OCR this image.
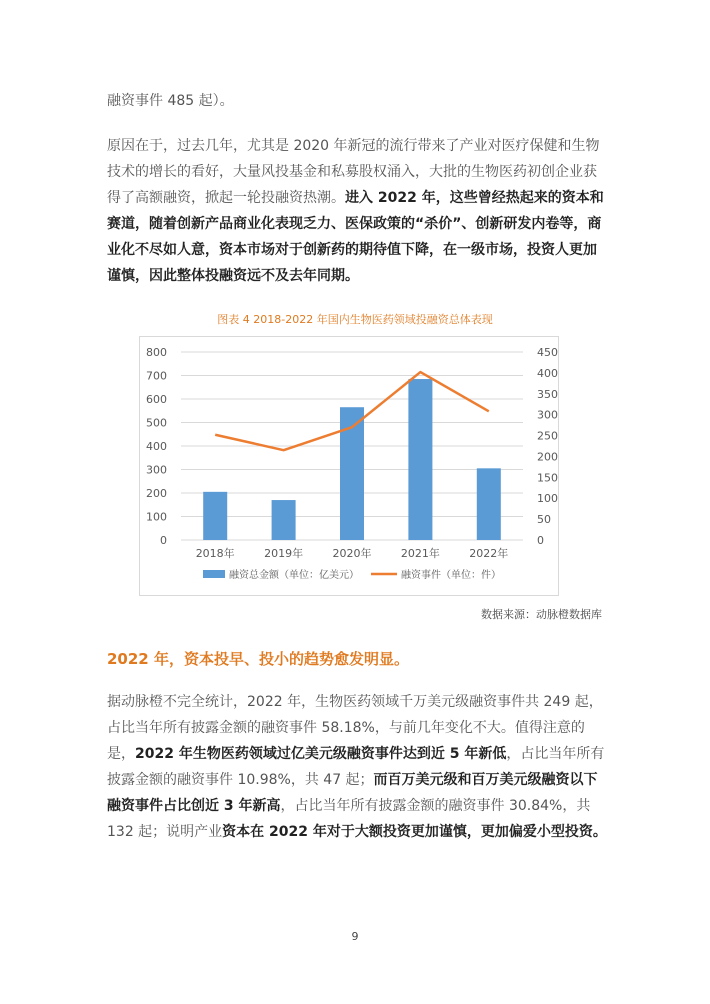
融资事件 485 起）。

原因在于，过去几年，尤其是 2020 年新冠的流行带来了产业对医疗保健和生物技术的增长的看好，大量风投基金和私募股权涌入，大批的生物医药初创企业获得了高额融资，掀起一轮投融资热潮。进入 2022 年，这些曾经热起来的资本和赛道，随着创新产品商业化表现乏力、医保政策的“杀价”、创新研发内卷等，商业化不尽如人意，资本市场对于创新药的期待值下降，在一级市场，投资人更加谨慎，因此整体投融资远不及去年同期。

图表 4 2018-2022 年国内生物医药领域投融资总体表现
0
100
200
300
400
500
600
700
800
0
50
100
150
200
250
300
350
400
450
2018年	2019年	2020年	2021年	2022年
融资总金额（单位：亿美元）	融资事件（单位：件）
数据来源：动脉橙数据库
2022 年，资本投早、投小的趋势愈发明显。

据动脉橙不完全统计，2022 年，生物医药领域千万美元级融资事件共 249 起，占比当年所有披露金额的融资事件 58.18%，与前几年变化不大。值得注意的是，2022 年生物医药领域过亿美元级融资事件达到近 5 年新低，占比当年所有披露金额的融资事件 10.98%，共 47 起；而百万美元级和百万美元级融资以下融资事件占比创近 3 年新高，占比当年所有披露金额的融资事件 30.84%，共 132 起；说明产业资本在 2022 年对于大额投资更加谨慎，更加偏爱小型投资。

9
